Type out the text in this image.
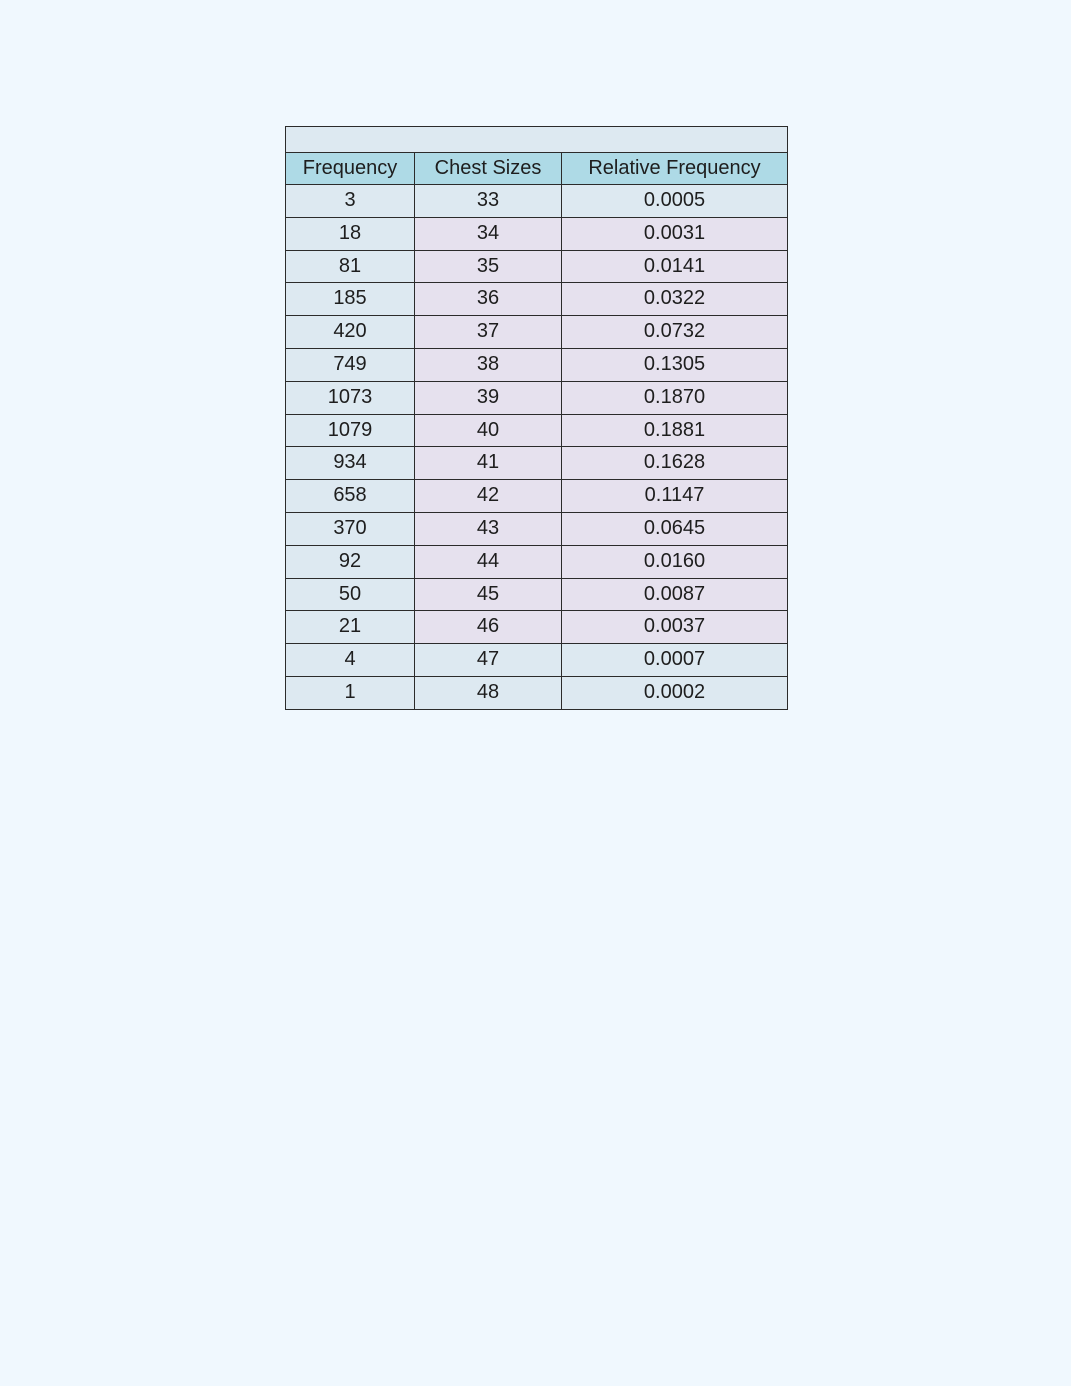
Frequency	Chest Sizes	Relative Frequency
3	33	0.0005
18	34	0.0031
81	35	0.0141
185	36	0.0322
420	37	0.0732
749	38	0.1305
1073	39	0.1870
1079	40	0.1881
934	41	0.1628
658	42	0.1147
370	43	0.0645
92	44	0.0160
50	45	0.0087
21	46	0.0037
4	47	0.0007
1	48	0.0002
